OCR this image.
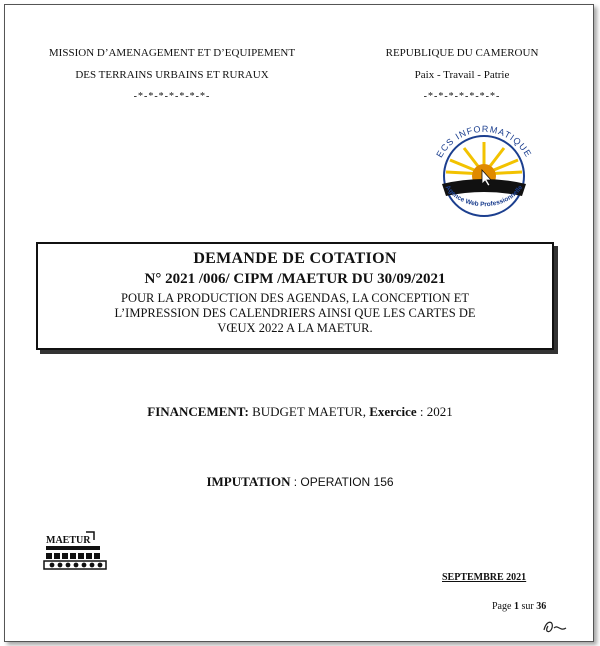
MISSION D’AMENAGEMENT ET D’EQUIPEMENT
DES TERRAINS URBAINS ET RURAUX
-*-*-*-*-*-*-*-
REPUBLIQUE DU CAMEROUN
Paix - Travail - Patrie
-*-*-*-*-*-*-*-
ECS INFORMATIQUE
Agence Web Professionnelle
DEMANDE DE COTATION
N° 2021 /006/ CIPM /MAETUR DU 30/09/2021
POUR LA PRODUCTION DES AGENDAS, LA CONCEPTION ET
L’IMPRESSION DES CALENDRIERS AINSI QUE LES CARTES DE
VŒUX 2022 A LA MAETUR.
FINANCEMENT: BUDGET MAETUR, Exercice : 2021
IMPUTATION : OPERATION 156
MAETUR
SEPTEMBRE 2021
Page 1 sur 36
